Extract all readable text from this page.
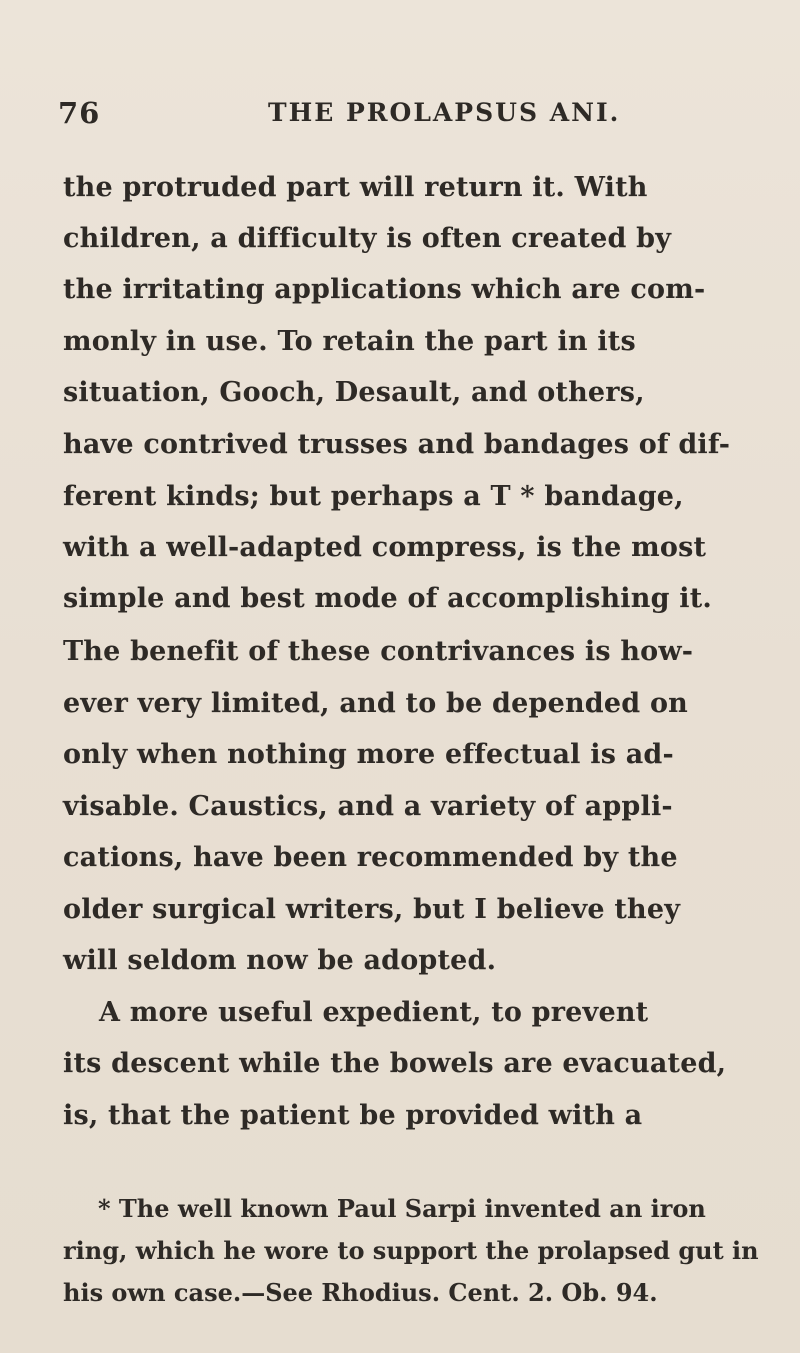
76	THE PROLAPSUS ANI.
the protruded part will return it. With
children, a difficulty is often created by
the irritating applications which are com-
monly in use. To retain the part in its
situation, Gooch, Desault, and others,
have contrived trusses and bandages of dif-
ferent kinds; but perhaps a T * bandage,
with a well-adapted compress, is the most
simple and best mode of accomplishing it.
The benefit of these contrivances is how-
ever very limited, and to be depended on
only when nothing more effectual is ad-
visable. Caustics, and a variety of appli-
cations, have been recommended by the
older surgical writers, but I believe they
will seldom now be adopted.
A more useful expedient, to prevent
its descent while the bowels are evacuated,
is, that the patient be provided with a
* The well known Paul Sarpi invented an iron
ring, which he wore to support the prolapsed gut in
his own case.—See Rhodius. Cent. 2. Ob. 94.
